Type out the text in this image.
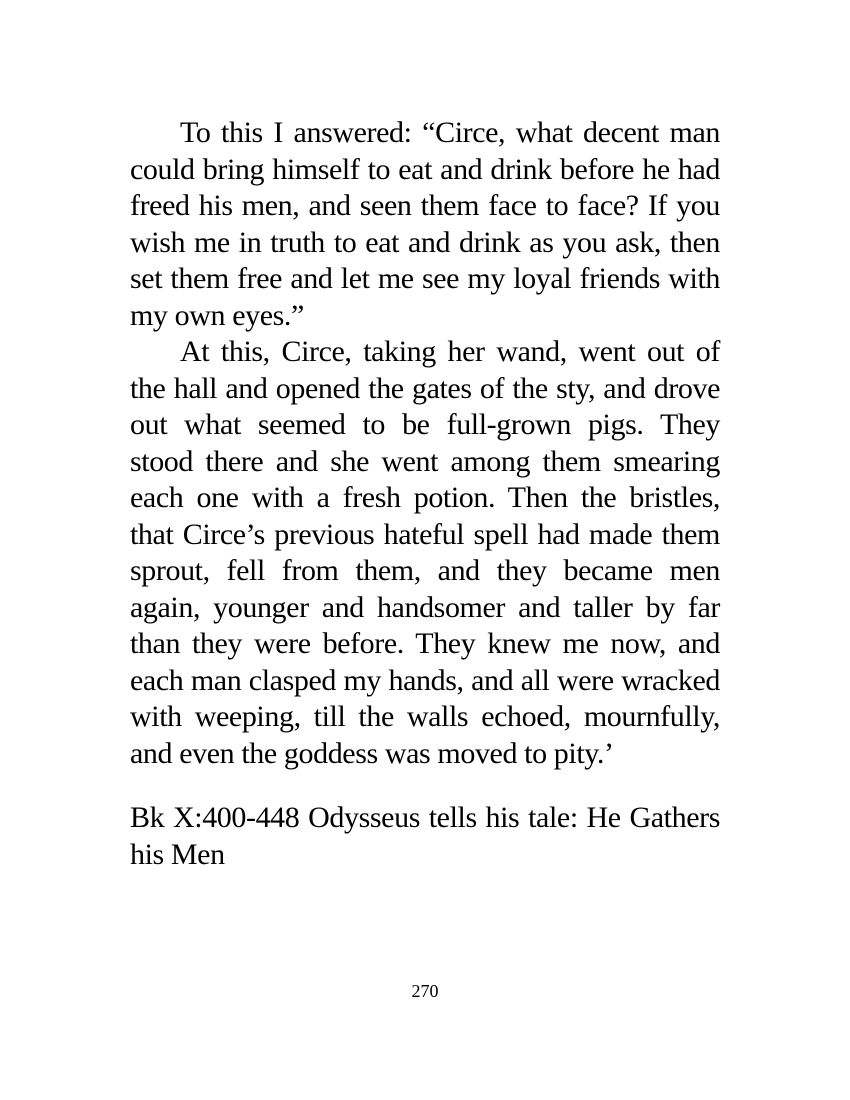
To this I answered: “Circe, what decent man could bring himself to eat and drink before he had freed his men, and seen them face to face? If you wish me in truth to eat and drink as you ask, then set them free and let me see my loyal friends with my own eyes.”

At this, Circe, taking her wand, went out of the hall and opened the gates of the sty, and drove out what seemed to be full-grown pigs. They stood there and she went among them smearing each one with a fresh potion. Then the bristles, that Circe’s previous hateful spell had made them sprout, fell from them, and they became men again, younger and handsomer and taller by far than they were before. They knew me now, and each man clasped my hands, and all were wracked with weeping, till the walls echoed, mournfully, and even the goddess was moved to pity.’

Bk X:400-448 Odysseus tells his tale: He Gathers his Men

270
